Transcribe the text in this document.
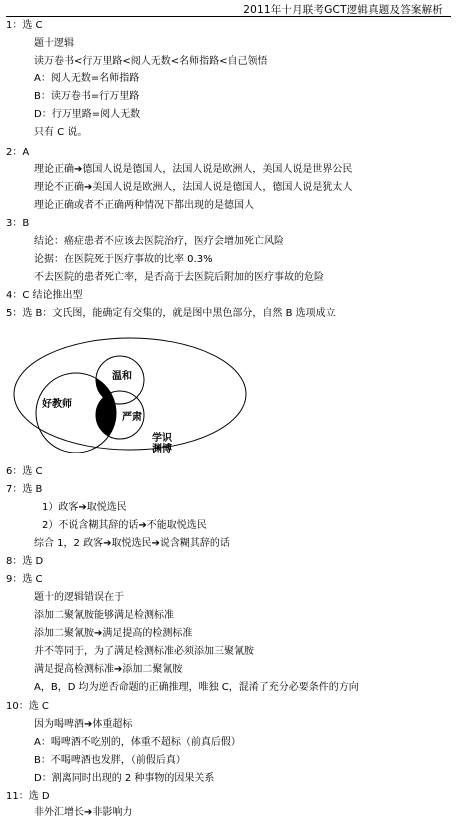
2011年十月联考GCT逻辑真题及答案解析
1：选 C
题十逻辑
读万卷书<行万里路<阅人无数<名师指路<自己领悟
A：阅人无数=名师指路
B：读万卷书=行万里路
D：行万里路=阅人无数
只有 C 说。
2：A
理论正确➔德国人说是德国人，法国人说是欧洲人，美国人说是世界公民
理论不正确➔美国人说是欧洲人，法国人说是德国人，德国人说是犹太人
理论正确或者不正确两种情况下都出现的是德国人
3：B
结论：癌症患者不应该去医院治疗，医疗会增加死亡风险
论据：在医院死于医疗事故的比率 0.3%
不去医院的患者死亡率，是否高于去医院后附加的医疗事故的危险
4：C 结论推出型
5：选 B：文氏图，能确定有交集的，就是图中黑色部分，自然 B 选项成立
好教师
温和
严肃
学识
渊博
6：选 C
7：选 B
1）政客➔取悦选民
2）不说含糊其辞的话➔不能取悦选民
综合 1，2 政客➔取悦选民➔说含糊其辞的话
8：选 D
9：选 C
题十的逻辑错误在于
添加二聚氰胺能够满足检测标准
添加二聚氰胺➔满足提高的检测标准
并不等同于，为了满足检测标准必须添加三聚氰胺
满足提高检测标准➔添加二聚氰胺
A，B，D 均为逆否命题的正确推理，唯独 C，混淆了充分必要条件的方向
10：选 C
因为喝啤酒➔体重超标
A：喝啤酒不吃别的，体重不超标（前真后假）
B：不喝啤酒也发胖，（前假后真）
D：割离同时出现的 2 种事物的因果关系
11：选 D
非外汇增长➔非影响力
